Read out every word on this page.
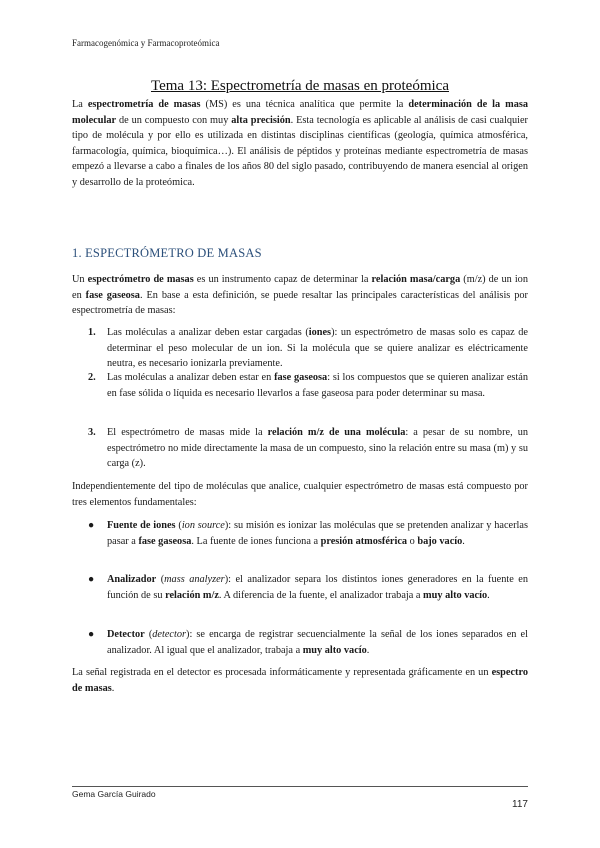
Farmacogenómica y Farmacoproteómica
Tema 13: Espectrometría de masas en proteómica

La espectrometría de masas (MS) es una técnica analítica que permite la determinación de la masa molecular de un compuesto con muy alta precisión. Esta tecnología es aplicable al análisis de casi cualquier tipo de molécula y por ello es utilizada en distintas disciplinas científicas (geología, química atmosférica, farmacología, química, bioquímica…). El análisis de péptidos y proteínas mediante espectrometría de masas empezó a llevarse a cabo a finales de los años 80 del siglo pasado, contribuyendo de manera esencial al origen y desarrollo de la proteómica.

1. ESPECTRÓMETRO DE MASAS

Un espectrómetro de masas es un instrumento capaz de determinar la relación masa/carga (m/z) de un ion en fase gaseosa. En base a esta definición, se puede resaltar las principales características del análisis por espectrometría de masas:

1. Las moléculas a analizar deben estar cargadas (iones): un espectrómetro de masas solo es capaz de determinar el peso molecular de un ion. Si la molécula que se quiere analizar es eléctricamente neutra, es necesario ionizarla previamente.
2. Las moléculas a analizar deben estar en fase gaseosa: si los compuestos que se quieren analizar están en fase sólida o líquida es necesario llevarlos a fase gaseosa para poder determinar su masa.
3. El espectrómetro de masas mide la relación m/z de una molécula: a pesar de su nombre, un espectrómetro no mide directamente la masa de un compuesto, sino la relación entre su masa (m) y su carga (z).

Independientemente del tipo de moléculas que analice, cualquier espectrómetro de masas está compuesto por tres elementos fundamentales:

● Fuente de iones (ion source): su misión es ionizar las moléculas que se pretenden analizar y hacerlas pasar a fase gaseosa. La fuente de iones funciona a presión atmosférica o bajo vacío.
● Analizador (mass analyzer): el analizador separa los distintos iones generadores en la fuente en función de su relación m/z. A diferencia de la fuente, el analizador trabaja a muy alto vacío.
● Detector (detector): se encarga de registrar secuencialmente la señal de los iones separados en el analizador. Al igual que el analizador, trabaja a muy alto vacío.

La señal registrada en el detector es procesada informáticamente y representada gráficamente en un espectro de masas.

Gema García Guirado
117
